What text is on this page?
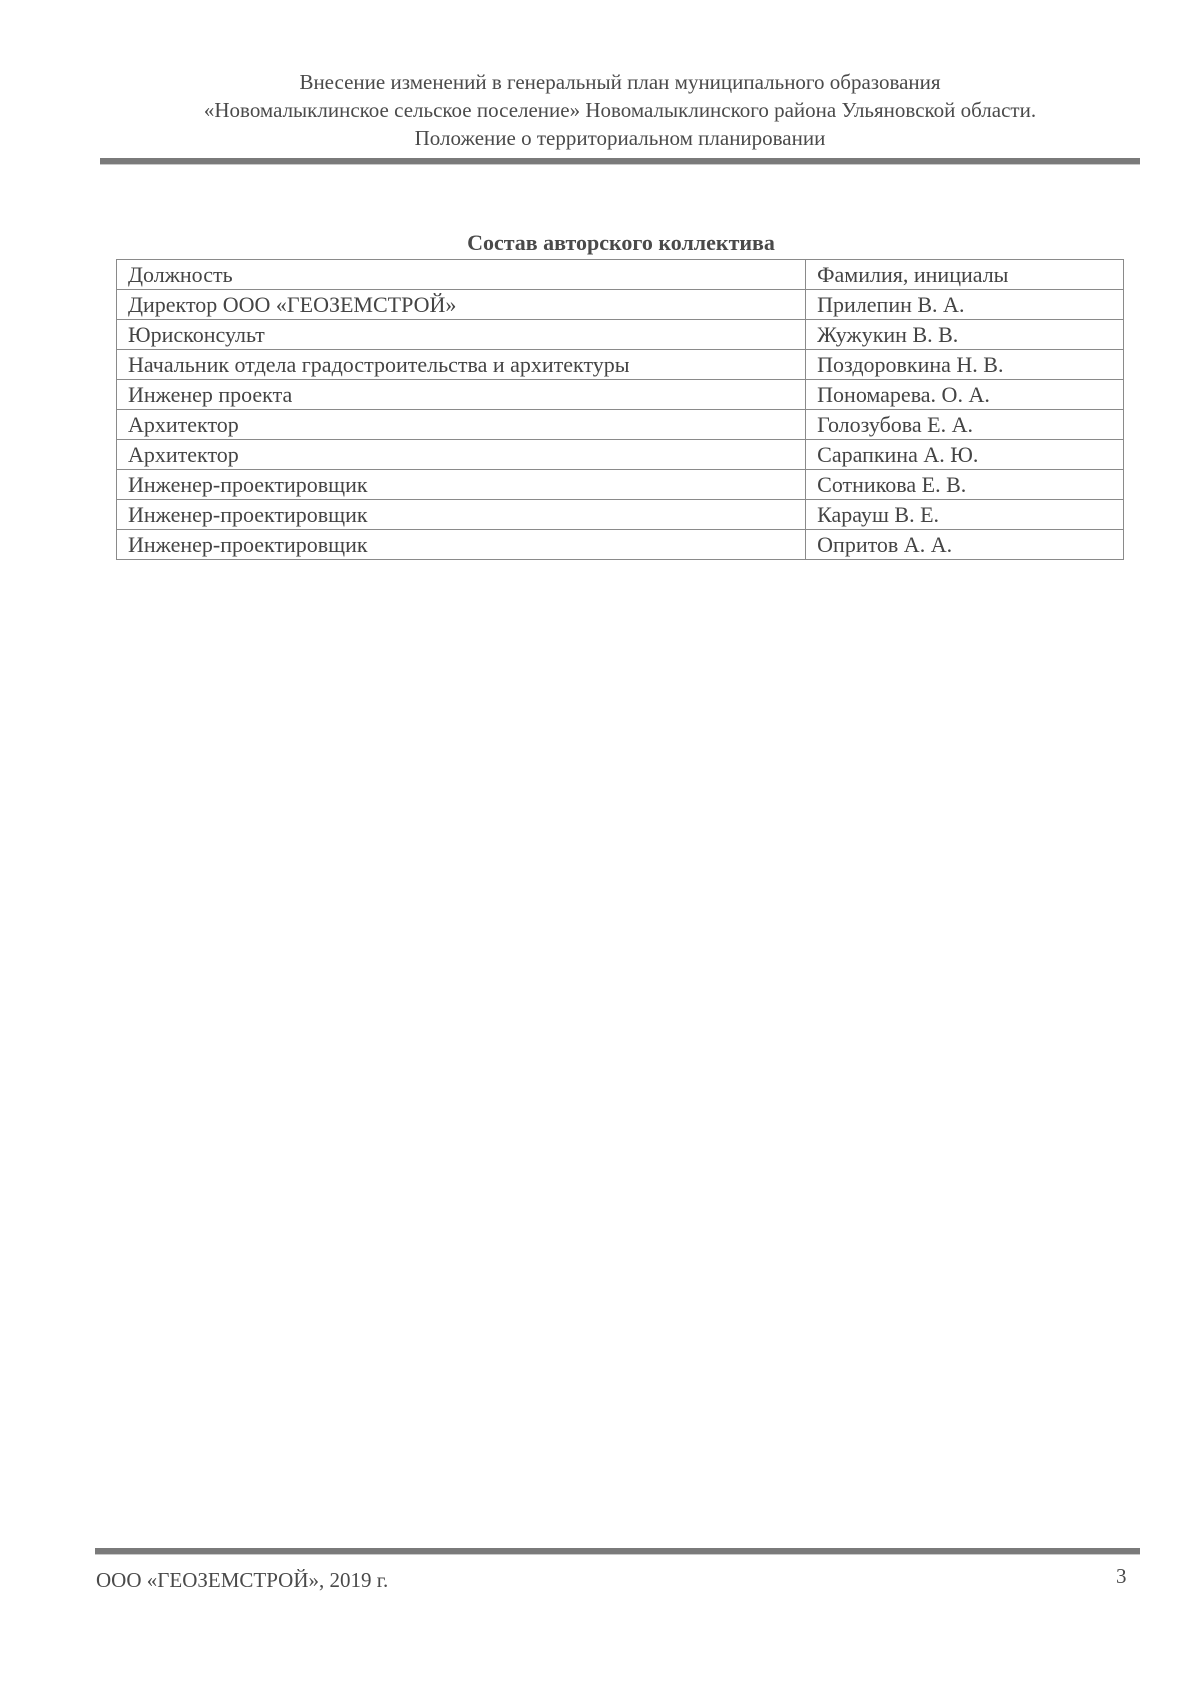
Внесение изменений в генеральный план муниципального образования
«Новомалыклинское сельское поселение» Новомалыклинского района Ульяновской области.
Положение о территориальном планировании
Состав авторского коллектива
Должность	Фамилия, инициалы
Директор ООО «ГЕОЗЕМСТРОЙ»	Прилепин В. А.
Юрисконсульт	Жужукин В. В.
Начальник отдела градостроительства и архитектуры	Поздоровкина Н. В.
Инженер проекта	Пономарева. О. А.
Архитектор	Голозубова Е. А.
Архитектор	Сарапкина А. Ю.
Инженер-проектировщик	Сотникова Е. В.
Инженер-проектировщик	Карауш В. Е.
Инженер-проектировщик	Опритов А. А.
ООО «ГЕОЗЕМСТРОЙ», 2019 г.	3
